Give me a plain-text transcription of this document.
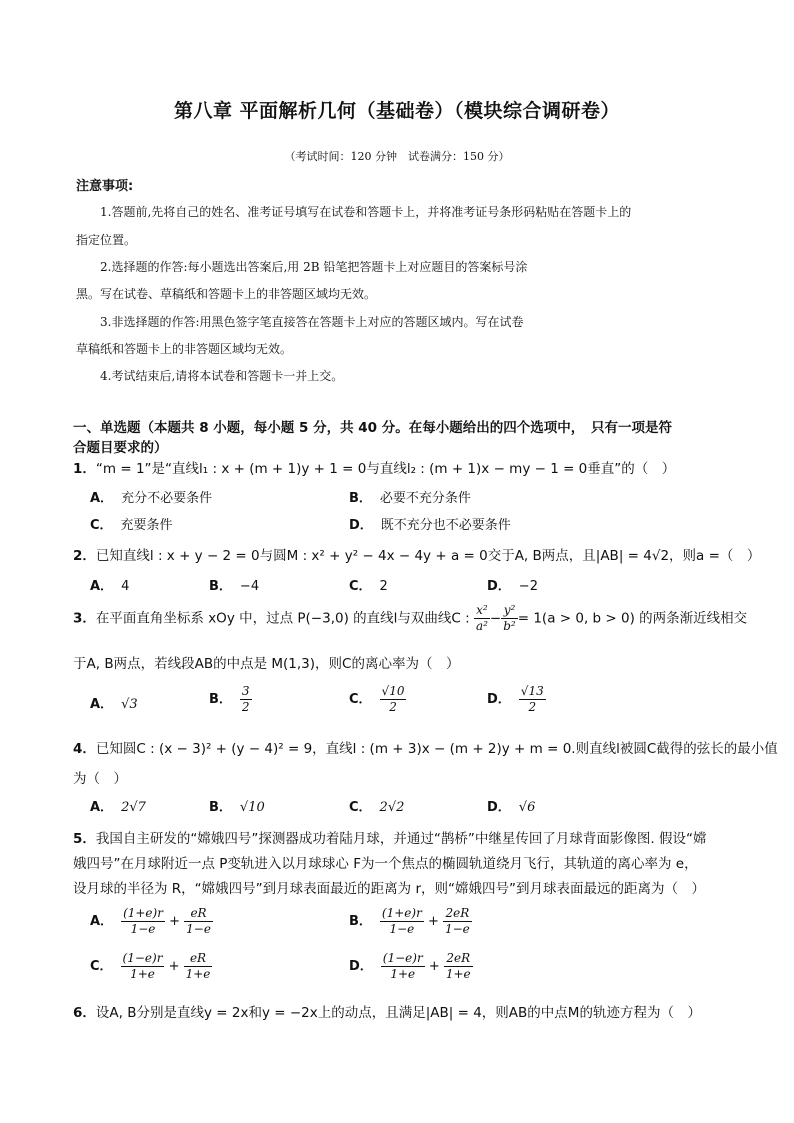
第八章 平面解析几何（基础卷）（模块综合调研卷）
（考试时间：120 分钟　试卷满分：150 分）
注意事项:
1.答题前,先将自己的姓名、准考证号填写在试卷和答题卡上，并将准考证号条形码粘贴在答题卡上的
指定位置。
2.选择题的作答:每小题选出答案后,用 2B 铅笔把答题卡上对应题目的答案标号涂
黑。写在试卷、草稿纸和答题卡上的非答题区域均无效。
3.非选择题的作答:用黑色签字笔直接答在答题卡上对应的答题区域内。写在试卷
草稿纸和答题卡上的非答题区域均无效。
4.考试结束后,请将本试卷和答题卡一并上交。
一、单选题（本题共 8 小题，每小题 5 分，共 40 分。在每小题给出的四个选项中，　只有一项是符
合题目要求的）
1．“m = 1”是“直线l₁ : x + (m + 1)y + 1 = 0与直线l₂ : (m + 1)x − my − 1 = 0垂直”的（　）
A． 充分不必要条件	B． 必要不充分条件
C． 充要条件	D． 既不充分也不必要条件
2．已知直线l : x + y − 2 = 0与圆M : x² + y² − 4x − 4y + a = 0交于A, B两点，且|AB| = 4√2，则a =（　）
A． 4	B． −4	C． 2	D． −2
3．在平面直角坐标系 xOy 中，过点 P(−3,0) 的直线l与双曲线C : $\frac{\text{x²}}{\text{a²}} - \frac{\text{y²}}{\text{b²}} = 1(a > 0$, b > 0) 的两条渐近线相交
于A, B两点，若线段AB的中点是 M(1,3)，则C的离心率为（　）
A． √3	B． $\frac{3}{2}$	C． $\frac{√10}{2}$	D． $\frac{√13}{2}$
4．已知圆C : (x − 3)² + (y − 4)² = 9，直线l : (m + 3)x − (m + 2)y + m = 0.则直线l被圆C截得的弦长的最小值
为（　）
A． 2√7	B． √10	C． 2√2	D． √6
5．我国自主研发的“嫦娥四号”探测器成功着陆月球，并通过“鹊桥”中继星传回了月球背面影像图. 假设“嫦
娥四号”在月球附近一点 P变轨进入以月球球心 F为一个焦点的椭圆轨道绕月飞行，其轨道的离心率为 e，
设月球的半径为 R，“嫦娥四号”到月球表面最近的距离为 r，则“嫦娥四号”到月球表面最远的距离为（　）
A． $\frac{(1+e)r}{1-e} + \frac{eR}{1-e}$	B． $\frac{(1+e)r}{1-e} + \frac{2eR}{1-e}$
C． $\frac{(1-e)r}{1+e} + \frac{eR}{1+e}$	D． $\frac{(1-e)r}{1+e} + \frac{2eR}{1+e}$
6．设A, B分别是直线y = 2x和y = −2x上的动点，且满足|AB| = 4，则AB的中点M的轨迹方程为（　）
